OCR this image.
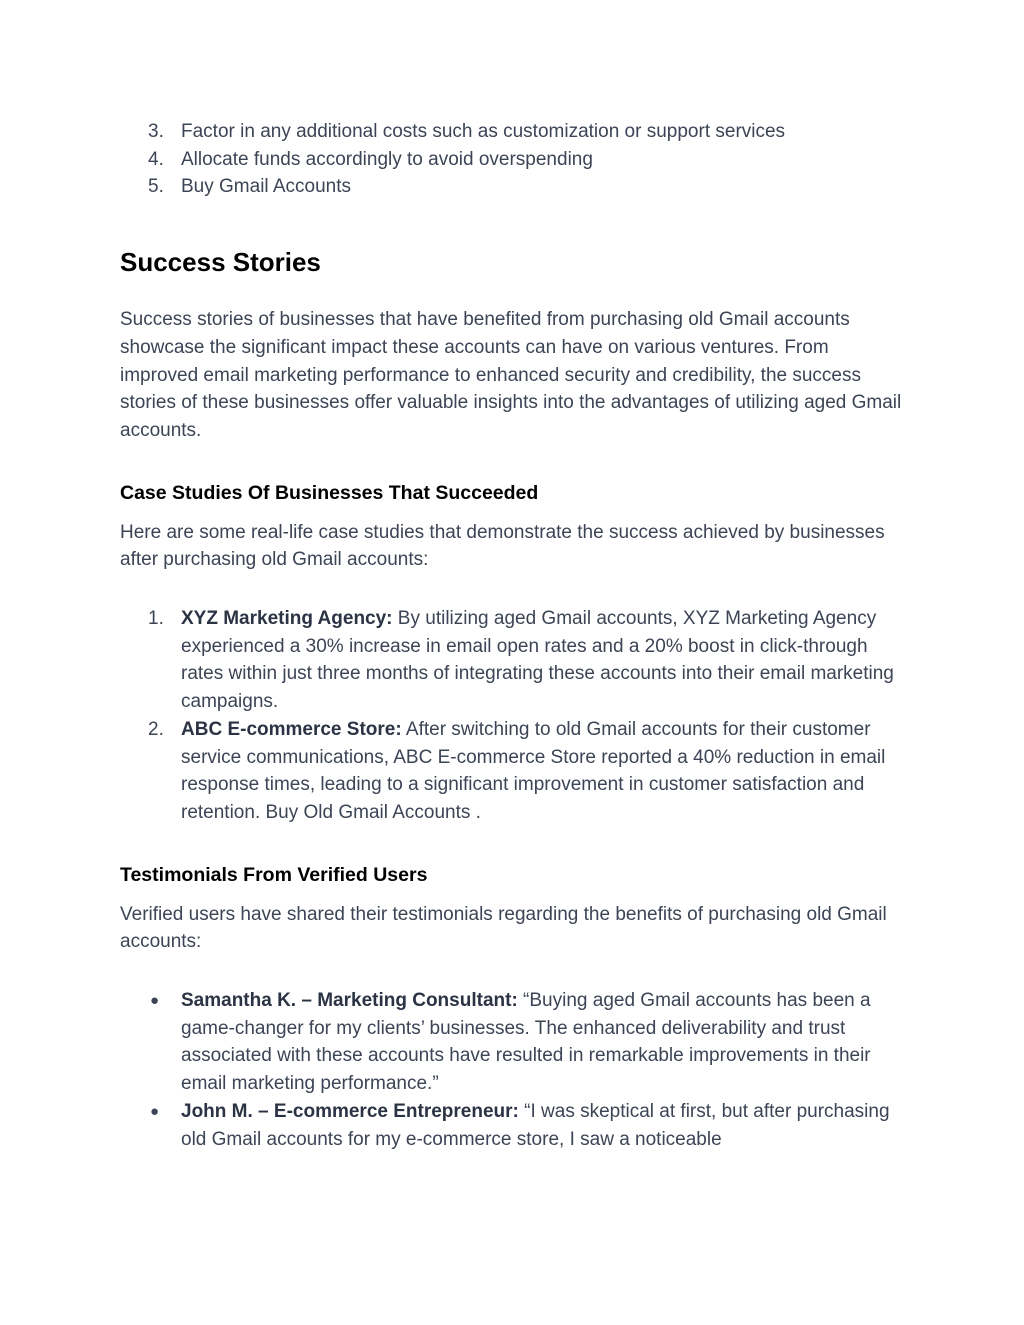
3. Factor in any additional costs such as customization or support services
4. Allocate funds accordingly to avoid overspending
5. Buy Gmail Accounts
Success Stories

Success stories of businesses that have benefited from purchasing old Gmail accounts showcase the significant impact these accounts can have on various ventures. From improved email marketing performance to enhanced security and credibility, the success stories of these businesses offer valuable insights into the advantages of utilizing aged Gmail accounts.

Case Studies Of Businesses That Succeeded

Here are some real-life case studies that demonstrate the success achieved by businesses after purchasing old Gmail accounts:

1. XYZ Marketing Agency: By utilizing aged Gmail accounts, XYZ Marketing Agency experienced a 30% increase in email open rates and a 20% boost in click-through rates within just three months of integrating these accounts into their email marketing campaigns.
2. ABC E-commerce Store: After switching to old Gmail accounts for their customer service communications, ABC E-commerce Store reported a 40% reduction in email response times, leading to a significant improvement in customer satisfaction and retention. Buy Old Gmail Accounts .
Testimonials From Verified Users

Verified users have shared their testimonials regarding the benefits of purchasing old Gmail accounts:

● Samantha K. – Marketing Consultant: “Buying aged Gmail accounts has been a game-changer for my clients’ businesses. The enhanced deliverability and trust associated with these accounts have resulted in remarkable improvements in their email marketing performance.”
● John M. – E-commerce Entrepreneur: “I was skeptical at first, but after purchasing old Gmail accounts for my e-commerce store, I saw a noticeable
